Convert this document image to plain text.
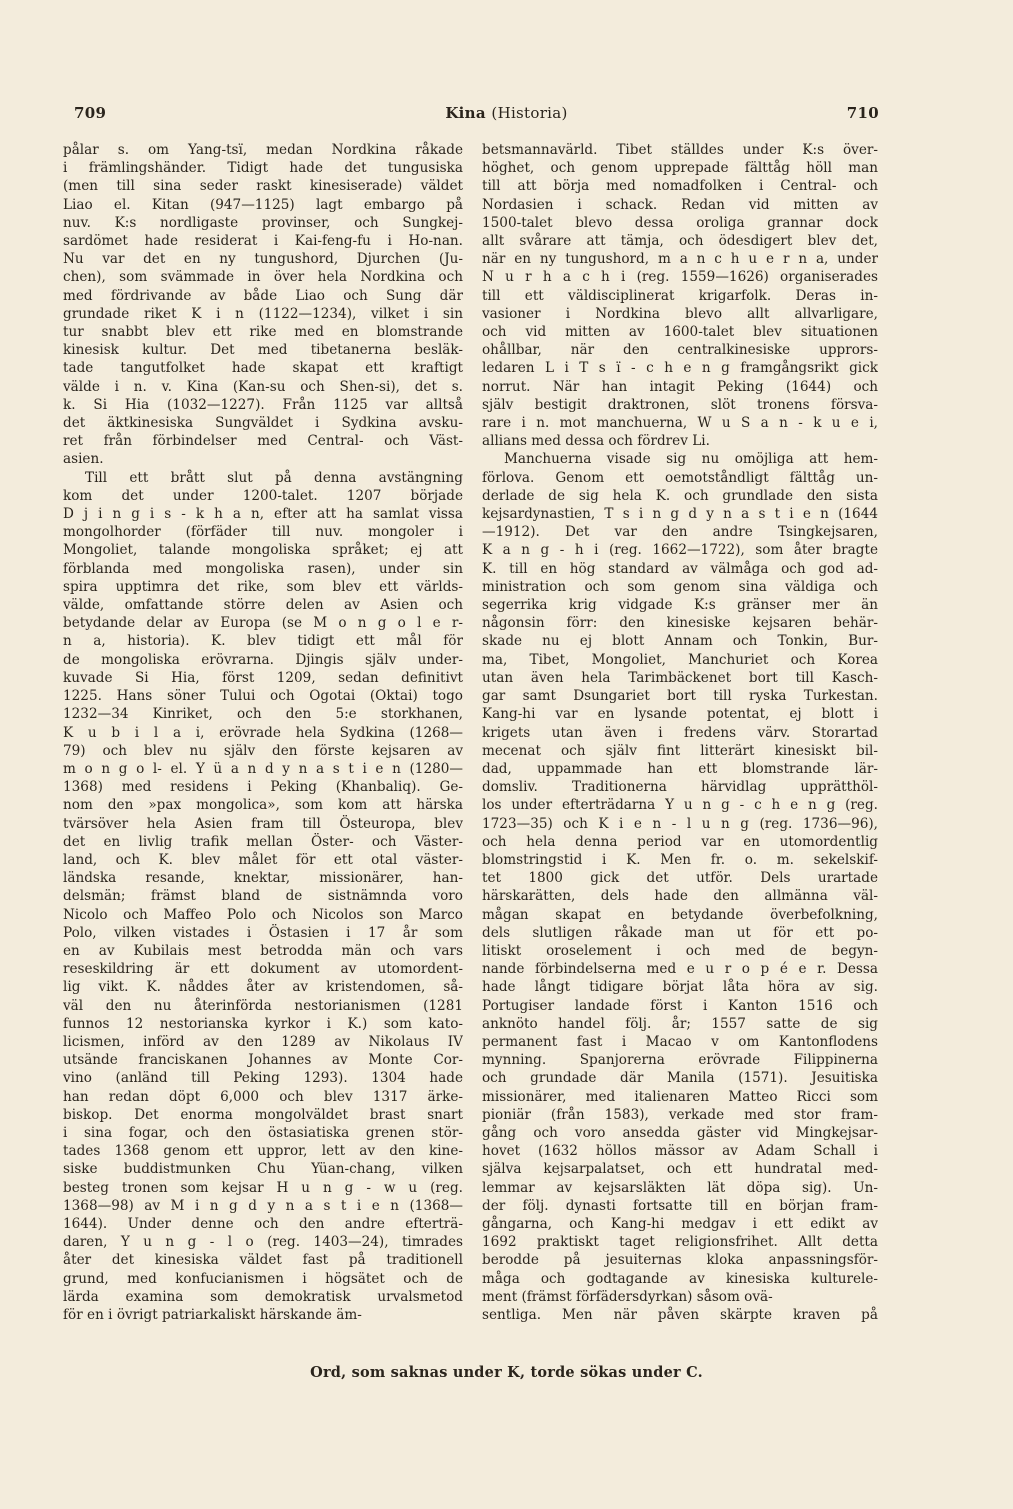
709	Kina (Historia)	710
pålar s. om Yang-tsï, medan Nordkina råkade
i främlingshänder. Tidigt hade det tungusiska
(men till sina seder raskt kinesiserade) väldet
Liao el. Kitan (947—1125) lagt embargo på
nuv. K:s nordligaste provinser, och Sungkej-
sardömet hade residerat i Kai-feng-fu i Ho-nan.
Nu var det en ny tungushord, Djurchen (Ju-
chen), som svämmade in över hela Nordkina och
med fördrivande av både Liao och Sung där
grundade riket K i n (1122—1234), vilket i sin
tur snabbt blev ett rike med en blomstrande
kinesisk kultur. Det med tibetanerna besläk-
tade tangutfolket hade skapat ett kraftigt
välde i n. v. Kina (Kan-su och Shen-si), det s.
k. Si Hia (1032—1227). Från 1125 var alltså
det äktkinesiska Sungväldet i Sydkina avsku-
ret från förbindelser med Central- och Väst-
asien.
Till ett brått slut på denna avstängning
kom det under 1200-talet. 1207 började
D j i n g i s - k h a n, efter att ha samlat vissa
mongolhorder (förfäder till nuv. mongoler i
Mongoliet, talande mongoliska språket; ej att
förblanda med mongoliska rasen), under sin
spira upptimra det rike, som blev ett världs-
välde, omfattande större delen av Asien och
betydande delar av Europa (se M o n g o l e r-
n a, historia). K. blev tidigt ett mål för
de mongoliska erövrarna. Djingis själv under-
kuvade Si Hia, först 1209, sedan definitivt
1225. Hans söner Tului och Ogotai (Oktai) togo
1232—34 Kinriket, och den 5:e storkhanen,
K u b i l a i, erövrade hela Sydkina (1268—
79) och blev nu själv den förste kejsaren av
m o n g o l- el. Y ü a n d y n a s t i e n (1280—
1368) med residens i Peking (Khanbaliq). Ge-
nom den »pax mongolica», som kom att härska
tvärsöver hela Asien fram till Östeuropa, blev
det en livlig trafik mellan Öster- och Väster-
land, och K. blev målet för ett otal väster-
ländska resande, knektar, missionärer, han-
delsmän; främst bland de sistnämnda voro
Nicolo och Maffeo Polo och Nicolos son Marco
Polo, vilken vistades i Östasien i 17 år som
en av Kubilais mest betrodda män och vars
reseskildring är ett dokument av utomordent-
lig vikt. K. nåddes åter av kristendomen, så-
väl den nu återinförda nestorianismen (1281
funnos 12 nestorianska kyrkor i K.) som kato-
licismen, införd av den 1289 av Nikolaus IV
utsände franciskanen Johannes av Monte Cor-
vino (anländ till Peking 1293). 1304 hade
han redan döpt 6,000 och blev 1317 ärke-
biskop. Det enorma mongolväldet brast snart
i sina fogar, och den östasiatiska grenen stör-
tades 1368 genom ett uppror, lett av den kine-
siske buddistmunken Chu Yüan-chang, vilken
besteg tronen som kejsar H u n g - w u (reg.
1368—98) av M i n g d y n a s t i e n (1368—
1644). Under denne och den andre efterträ-
daren, Y u n g - l o (reg. 1403—24), timrades
åter det kinesiska väldet fast på traditionell
grund, med konfucianismen i högsätet och de
lärda examina som demokratisk urvalsmetod
för en i övrigt patriarkaliskt härskande äm-
betsmannavärld. Tibet ställdes under K:s över-
höghet, och genom upprepade fälttåg höll man
till att börja med nomadfolken i Central- och
Nordasien i schack. Redan vid mitten av
1500-talet blevo dessa oroliga grannar dock
allt svårare att tämja, och ödesdigert blev det,
när en ny tungushord, m a n c h u e r n a, under
N u r h a c h i (reg. 1559—1626) organiserades
till ett väldisciplinerat krigarfolk. Deras in-
vasioner i Nordkina blevo allt allvarligare,
och vid mitten av 1600-talet blev situationen
ohållbar, när den centralkinesiske upprors-
ledaren L i T s ï - c h e n g framgångsrikt gick
norrut. När han intagit Peking (1644) och
själv bestigit draktronen, slöt tronens försva-
rare i n. mot manchuerna, W u S a n - k u e i,
allians med dessa och fördrev Li.
Manchuerna visade sig nu omöjliga att hem-
förlova. Genom ett oemotståndligt fälttåg un-
derlade de sig hela K. och grundlade den sista
kejsardynastien, T s i n g d y n a s t i e n (1644
—1912). Det var den andre Tsingkejsaren,
K a n g - h i (reg. 1662—1722), som åter bragte
K. till en hög standard av välmåga och god ad-
ministration och som genom sina väldiga och
segerrika krig vidgade K:s gränser mer än
någonsin förr: den kinesiske kejsaren behär-
skade nu ej blott Annam och Tonkin, Bur-
ma, Tibet, Mongoliet, Manchuriet och Korea
utan även hela Tarimbäckenet bort till Kasch-
gar samt Dsungariet bort till ryska Turkestan.
Kang-hi var en lysande potentat, ej blott i
krigets utan även i fredens värv. Storartad
mecenat och själv fint litterärt kinesiskt bil-
dad, uppammade han ett blomstrande lär-
domsliv. Traditionerna härvidlag upprätthöl-
los under efterträdarna Y u n g - c h e n g (reg.
1723—35) och K i e n - l u n g (reg. 1736—96),
och hela denna period var en utomordentlig
blomstringstid i K. Men fr. o. m. sekelskif-
tet 1800 gick det utför. Dels urartade
härskarätten, dels hade den allmänna väl-
mågan skapat en betydande överbefolkning,
dels slutligen råkade man ut för ett po-
litiskt oroselement i och med de begyn-
nande förbindelserna med e u r o p é e r. Dessa
hade långt tidigare börjat låta höra av sig.
Portugiser landade först i Kanton 1516 och
anknöto handel följ. år; 1557 satte de sig
permanent fast i Macao v om Kantonflodens
mynning. Spanjorerna erövrade Filippinerna
och grundade där Manila (1571). Jesuitiska
missionärer, med italienaren Matteo Ricci som
pioniär (från 1583), verkade med stor fram-
gång och voro ansedda gäster vid Mingkejsar-
hovet (1632 höllos mässor av Adam Schall i
själva kejsarpalatset, och ett hundratal med-
lemmar av kejsarsläkten lät döpa sig). Un-
der följ. dynasti fortsatte till en början fram-
gångarna, och Kang-hi medgav i ett edikt av
1692 praktiskt taget religionsfrihet. Allt detta
berodde på jesuiternas kloka anpassningsför-
måga och godtagande av kinesiska kulturele-
ment (främst förfädersdyrkan) såsom ovä-
sentliga. Men när påven skärpte kraven på
Ord, som saknas under K, torde sökas under C.
